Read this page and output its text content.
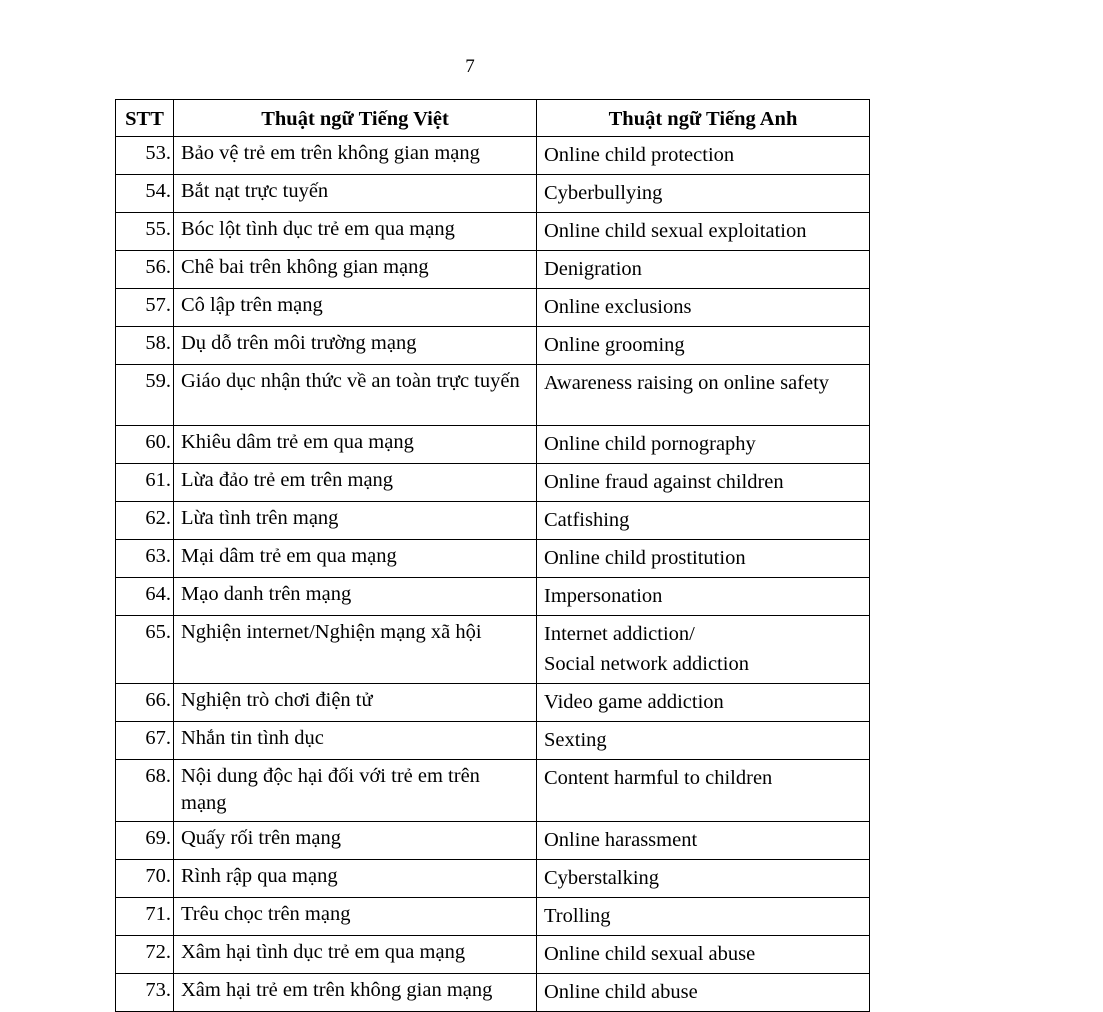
7
STT	Thuật ngữ Tiếng Việt	Thuật ngữ Tiếng Anh
53.	Bảo vệ trẻ em trên không gian mạng	Online child protection

54.	Bắt nạt trực tuyến	Cyberbullying

55.	Bóc lột tình dục trẻ em qua mạng	Online child sexual exploitation

56.	Chê bai trên không gian mạng	Denigration

57.	Cô lập trên mạng	Online exclusions

58.	Dụ dỗ trên môi trường mạng	Online grooming

59.	Giáo dục nhận thức về an toàn trực tuyến	Awareness raising on online safety

60.	Khiêu dâm trẻ em qua mạng	Online child pornography

61.	Lừa đảo trẻ em trên mạng	Online fraud against children

62.	Lừa tình trên mạng	Catfishing

63.	Mại dâm trẻ em qua mạng	Online child prostitution

64.	Mạo danh trên mạng	Impersonation

65.	Nghiện internet/Nghiện mạng xã hội	Internet addiction/
Social network addiction

66.	Nghiện trò chơi điện tử	Video game addiction

67.	Nhắn tin tình dục	Sexting

68.	Nội dung độc hại đối với trẻ em trên mạng	Content harmful to children

69.	Quấy rối trên mạng	Online harassment

70.	Rình rập qua mạng	Cyberstalking

71.	Trêu chọc trên mạng	Trolling

72.	Xâm hại tình dục trẻ em qua mạng	Online child sexual abuse

73.	Xâm hại trẻ em trên không gian mạng	Online child abuse
